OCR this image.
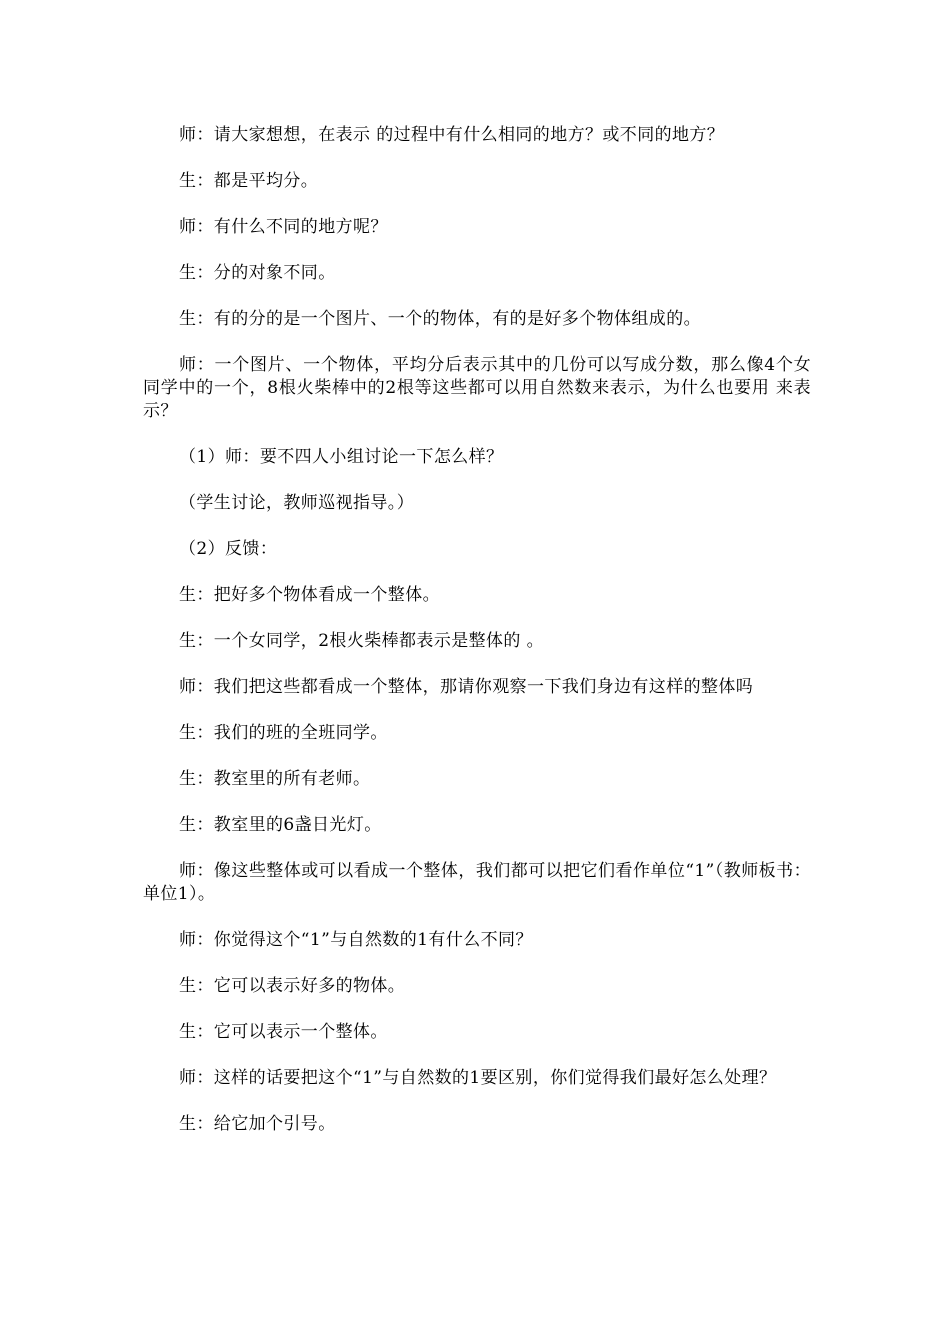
师：请大家想想，在表示 的过程中有什么相同的地方？或不同的地方？

生：都是平均分。

师：有什么不同的地方呢？

生：分的对象不同。

生：有的分的是一个图片、一个的物体，有的是好多个物体组成的。

师：一个图片、一个物体，平均分后表示其中的几份可以写成分数，那么像4个女同学中的一个，8根火柴棒中的2根等这些都可以用自然数来表示，为什么也要用 来表示？

（1）师：要不四人小组讨论一下怎么样？

（学生讨论，教师巡视指导。）

（2）反馈：

生：把好多个物体看成一个整体。

生：一个女同学，2根火柴棒都表示是整体的 。

师：我们把这些都看成一个整体，那请你观察一下我们身边有这样的整体吗

生：我们的班的全班同学。

生：教室里的所有老师。

生：教室里的6盏日光灯。

师：像这些整体或可以看成一个整体，我们都可以把它们看作单位“1”（教师板书：单位1）。

师：你觉得这个“1”与自然数的1有什么不同？

生：它可以表示好多的物体。

生：它可以表示一个整体。

师：这样的话要把这个“1”与自然数的1要区别，你们觉得我们最好怎么处理？

生：给它加个引号。
